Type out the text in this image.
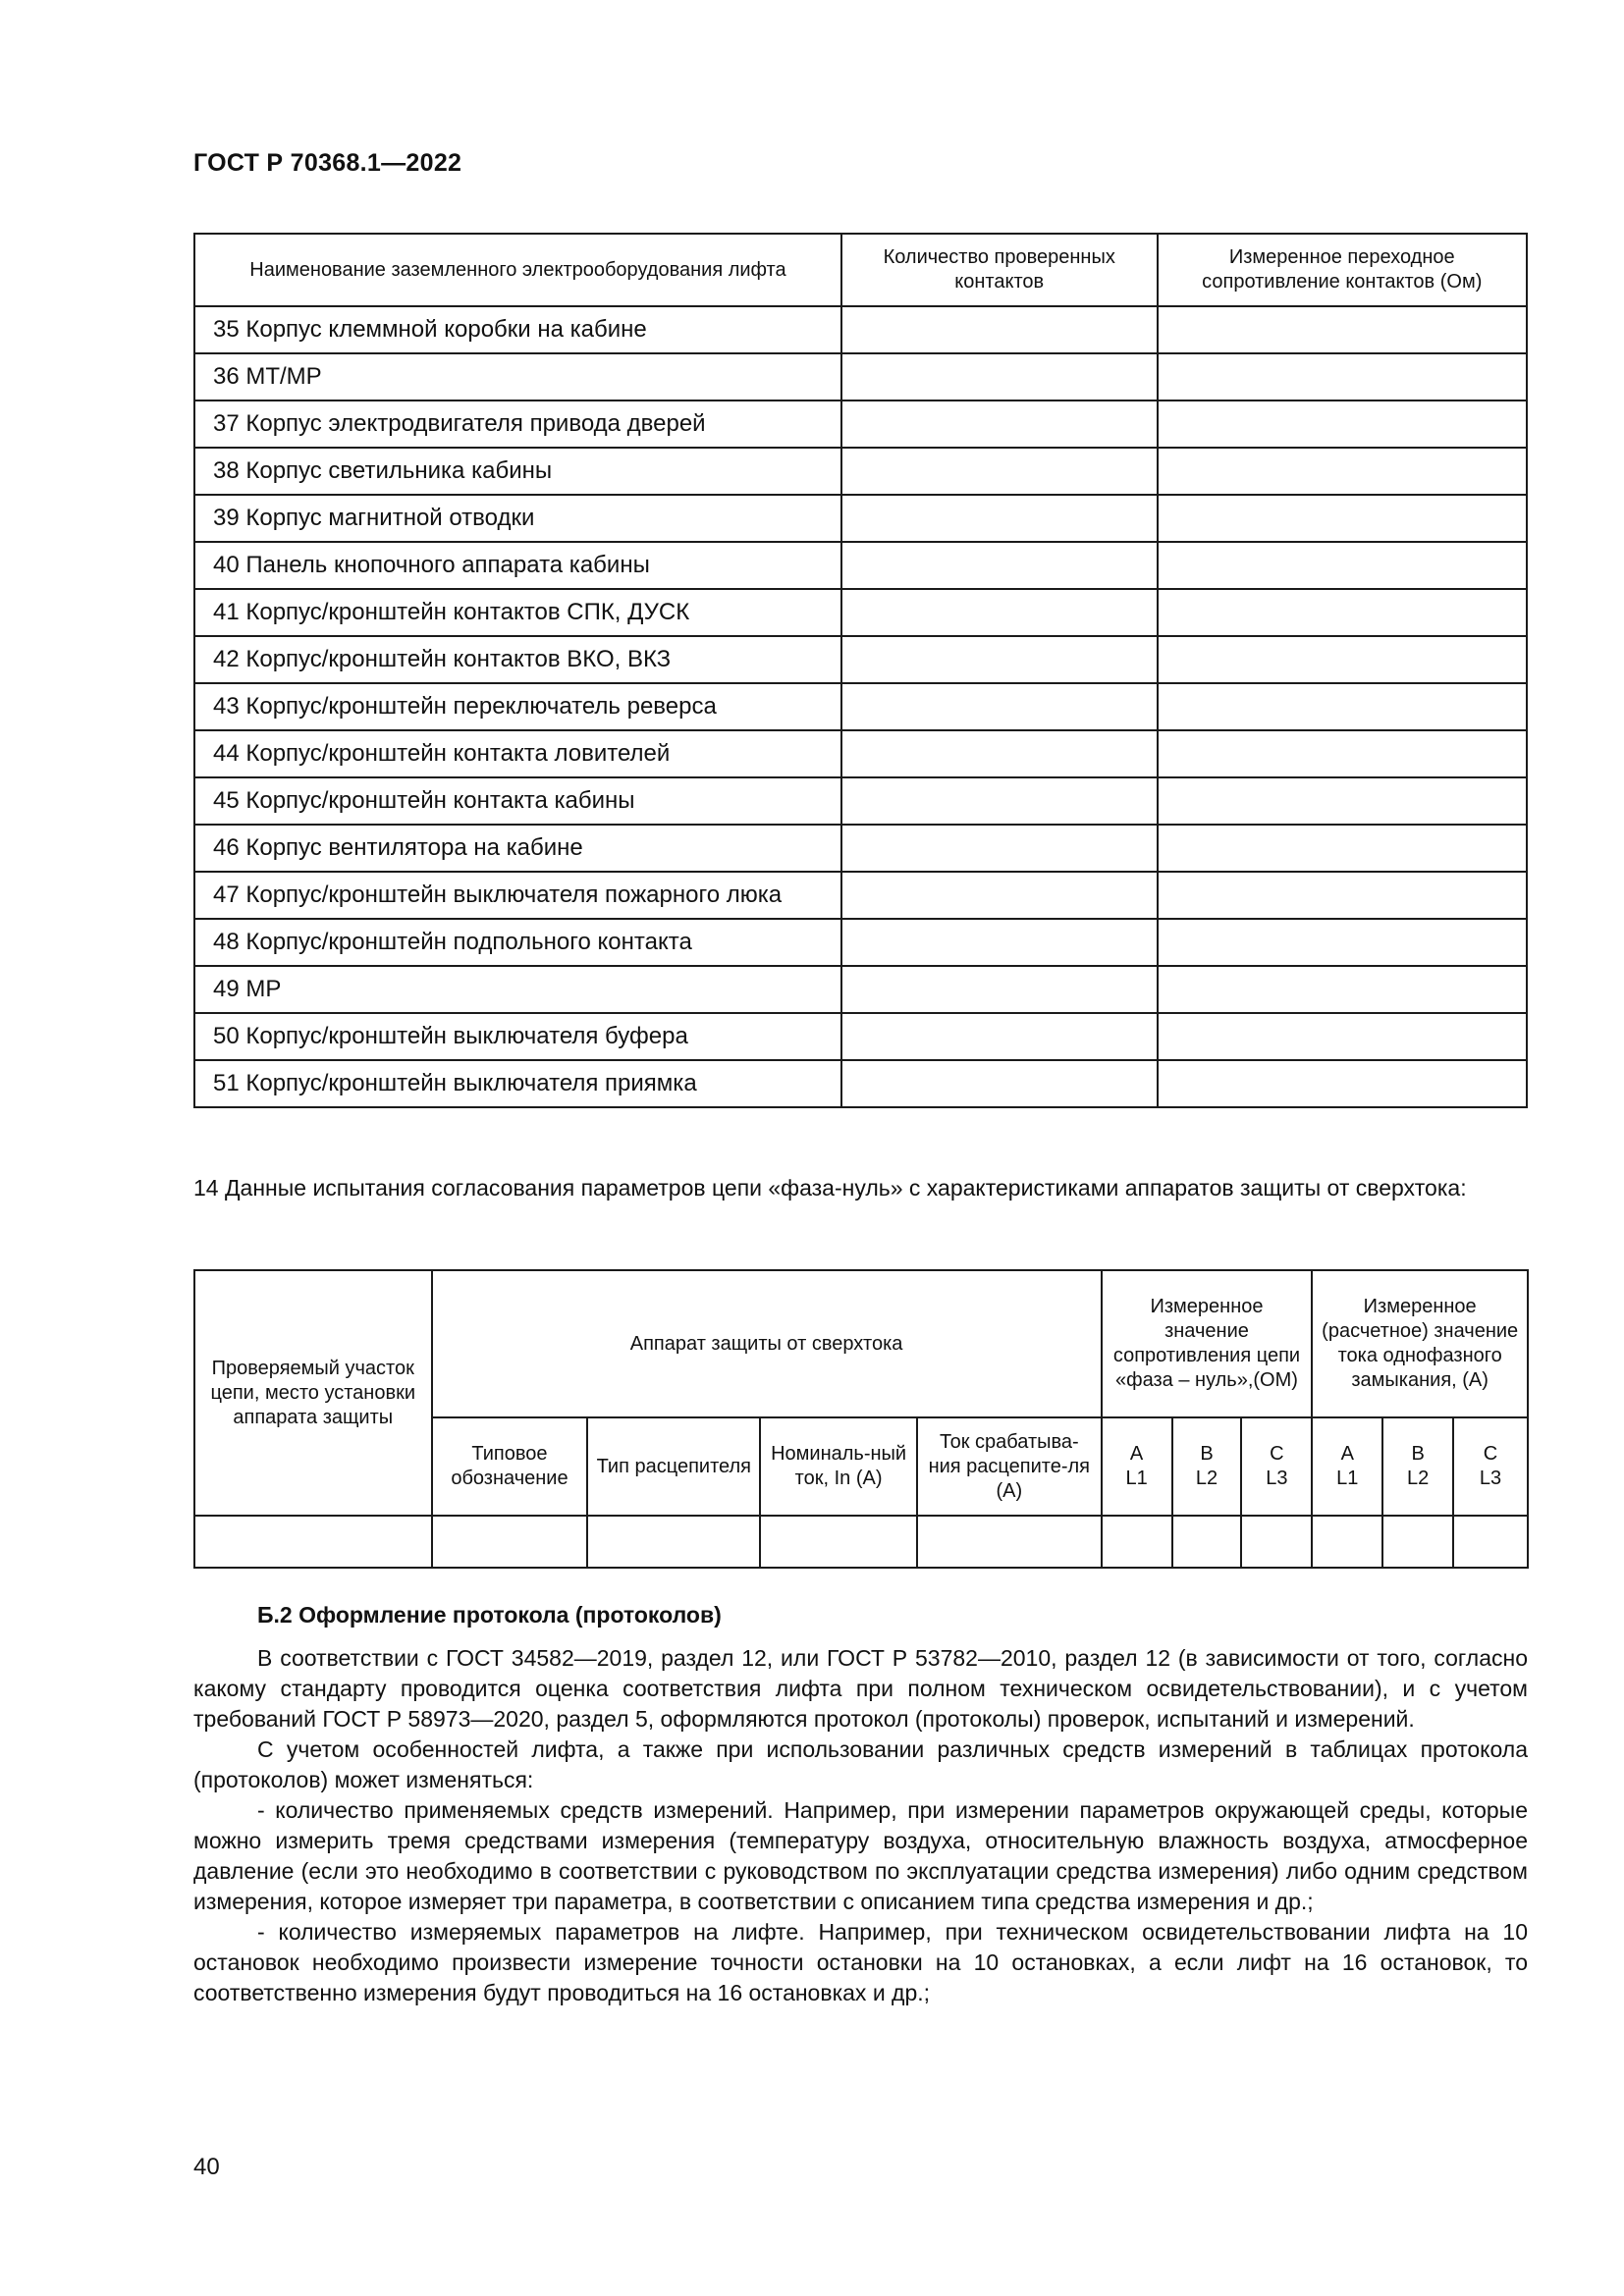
ГОСТ Р 70368.1—2022
Наименование заземленного электрооборудования лифта	Количество проверенных контактов	Измеренное переходное сопротивление контактов (Ом)
35 Корпус клеммной коробки на кабине		
36 МТ/МР		
37 Корпус электродвигателя привода дверей		
38 Корпус светильника кабины		
39 Корпус магнитной отводки		
40 Панель кнопочного аппарата кабины		
41 Корпус/кронштейн контактов СПК, ДУСК		
42 Корпус/кронштейн контактов ВКО, ВКЗ		
43 Корпус/кронштейн переключатель реверса		
44 Корпус/кронштейн контакта ловителей		
45 Корпус/кронштейн контакта кабины		
46 Корпус вентилятора на кабине		
47 Корпус/кронштейн выключателя пожарного люка		
48 Корпус/кронштейн подпольного контакта		
49 МР		
50 Корпус/кронштейн выключателя буфера		
51 Корпус/кронштейн выключателя приямка		
14 Данные испытания согласования параметров цепи «фаза-нуль» с характеристиками аппаратов защиты от сверхтока:
Проверяемый участок цепи, место установки аппарата защиты	Аппарат защиты от сверхтока				Измеренное значение сопротивления цепи «фаза – нуль»,(ОМ)			Измеренное (расчетное) значение тока однофазного замыкания, (А)		
	Типовое обозначение	Тип расцепителя	Номиналь-ный ток, In (А)	Ток срабатыва-ния расцепите-ля (А)	А
L1	В
L2	С
L3	А
L1	В
L2	С
L3

Б.2 Оформление протокола (протоколов)

В соответствии с ГОСТ 34582—2019, раздел 12, или ГОСТ Р 53782—2010, раздел 12 (в зависимости от того, согласно какому стандарту проводится оценка соответствия лифта при полном техническом освидетельствовании), и с учетом требований ГОСТ Р 58973—2020, раздел 5, оформляются протокол (протоколы) проверок, испытаний и измерений.

С учетом особенностей лифта, а также при использовании различных средств измерений в таблицах протокола (протоколов) может изменяться:

- количество применяемых средств измерений. Например, при измерении параметров окружающей среды, которые можно измерить тремя средствами измерения (температуру воздуха, относительную влажность воздуха, атмосферное давление (если это необходимо в соответствии с руководством по эксплуатации средства измерения) либо одним средством измерения, которое измеряет три параметра, в соответствии с описанием типа средства измерения и др.;

- количество измеряемых параметров на лифте. Например, при техническом освидетельствовании лифта на 10 остановок необходимо произвести измерение точности остановки на 10 остановках, а если лифт на 16 остановок, то соответственно измерения будут проводиться на 16 остановках и др.;

40
